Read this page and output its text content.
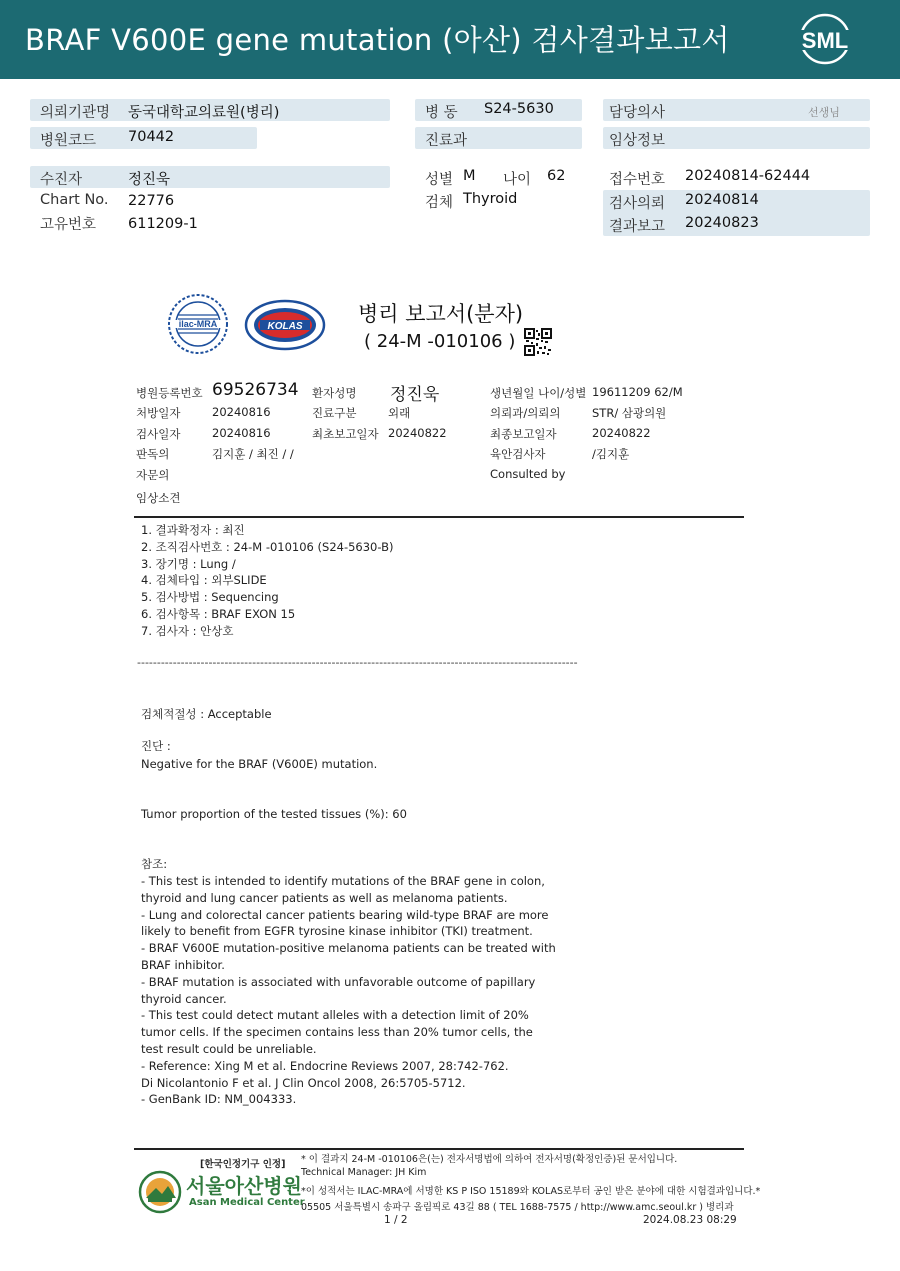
BRAF V600E gene mutation (아산) 검사결과보고서	SML
의뢰기관명 동국대학교의료원(병리)
병원코드 70442
병 동 S24-5630
진료과
담당의사	선생님
임상정보
수진자	정진욱
Chart No. 22776
고유번호 611209-1
성별 M 나이 62
검체 Thyroid
접수번호 20240814-62444
검사의뢰 20240814
결과보고 20240823
ilac-MRA	KOLAS
병리 보고서(분자)
( 24-M -010106 )
병원등록번호 69526734 환자성명 정진욱	생년월일 나이/성별 19611209 62/M
처방일자	20240816	진료구분	외래	의뢰과/의뢰의	STR/ 삼광의원
검사일자	20240816	최초보고일자 20240822	최종보고일자	20240822
판독의	김지훈 / 최진 / /	육안검사자	/김지훈
자문의	Consulted by
임상소견
1. 결과확정자 : 최진
2. 조직검사번호 : 24-M -010106 (S24-5630-B)
3. 장기명 : Lung /
4. 검체타입 : 외부SLIDE
5. 검사방법 : Sequencing
6. 검사항목 : BRAF EXON 15
7. 검사자 : 안상호
---------------------------------------------------------------------------------------------------------------
검체적절성 : Acceptable
진단 :
Negative for the BRAF (V600E) mutation.
Tumor proportion of the tested tissues (%): 60
참조:
- This test is intended to identify mutations of the BRAF gene in colon,
thyroid and lung cancer patients as well as melanoma patients.
- Lung and colorectal cancer patients bearing wild-type BRAF are more
likely to benefit from EGFR tyrosine kinase inhibitor (TKI) treatment.
- BRAF V600E mutation-positive melanoma patients can be treated with
BRAF inhibitor.
- BRAF mutation is associated with unfavorable outcome of papillary
thyroid cancer.
- This test could detect mutant alleles with a detection limit of 20%
tumor cells. If the specimen contains less than 20% tumor cells, the
test result could be unreliable.
- Reference: Xing M et al. Endocrine Reviews 2007, 28:742-762.
Di Nicolantonio F et al. J Clin Oncol 2008, 26:5705-5712.
- GenBank ID: NM_004333.
[한국인정기구 인정]
서울아산병원
Asan Medical Center
* 이 결과지 24-M -010106은(는) 전자서명법에 의하여 전자서명(확정인증)된 문서입니다.
Technical Manager: JH Kim
*이 성적서는 ILAC-MRA에 서명한 KS P ISO 15189와 KOLAS로부터 공인 받은 분야에 대한 시험결과입니다.*
05505 서울특별시 송파구 올림픽로 43길 88 ( TEL 1688-7575 / http://www.amc.seoul.kr ) 병리과
1 / 2	2024.08.23 08:29
